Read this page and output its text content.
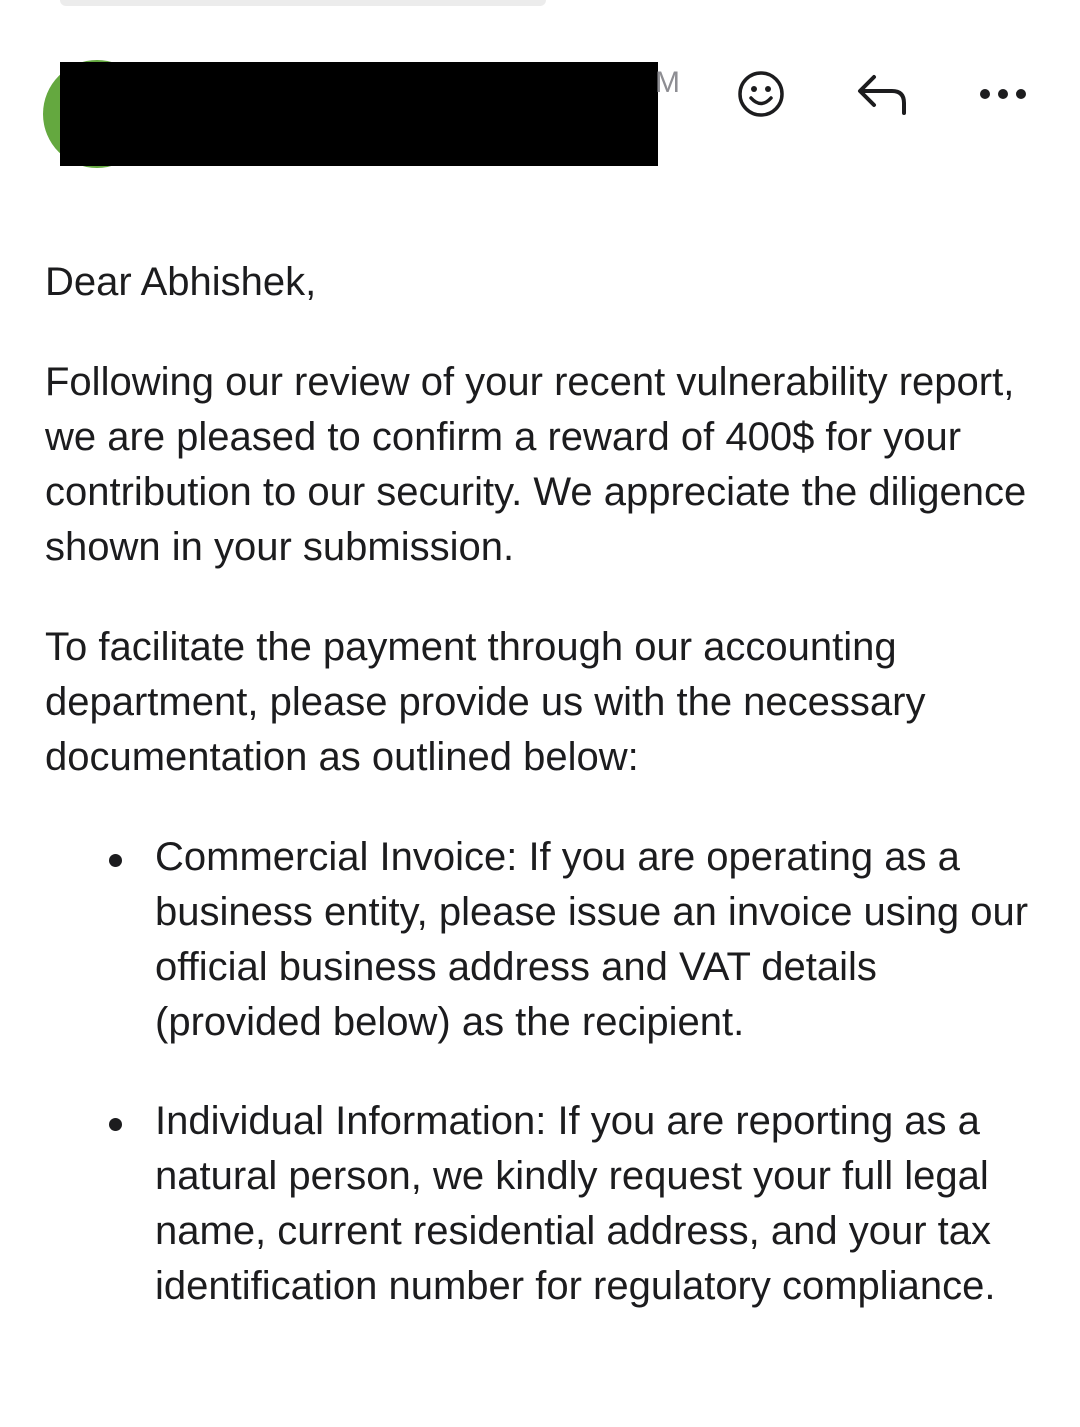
M

Dear Abhishek,

Following our review of your recent vulnerability report, we are pleased to confirm a reward of 400$ for your contribution to our security. We appreciate the diligence shown in your submission.

To facilitate the payment through our accounting department, please provide us with the necessary documentation as outlined below:

Commercial Invoice: If you are operating as a business entity, please issue an invoice using our official business address and VAT details (provided below) as the recipient.
Individual Information: If you are reporting as a natural person, we kindly request your full legal name, current residential address, and your tax identification number for regulatory compliance.
